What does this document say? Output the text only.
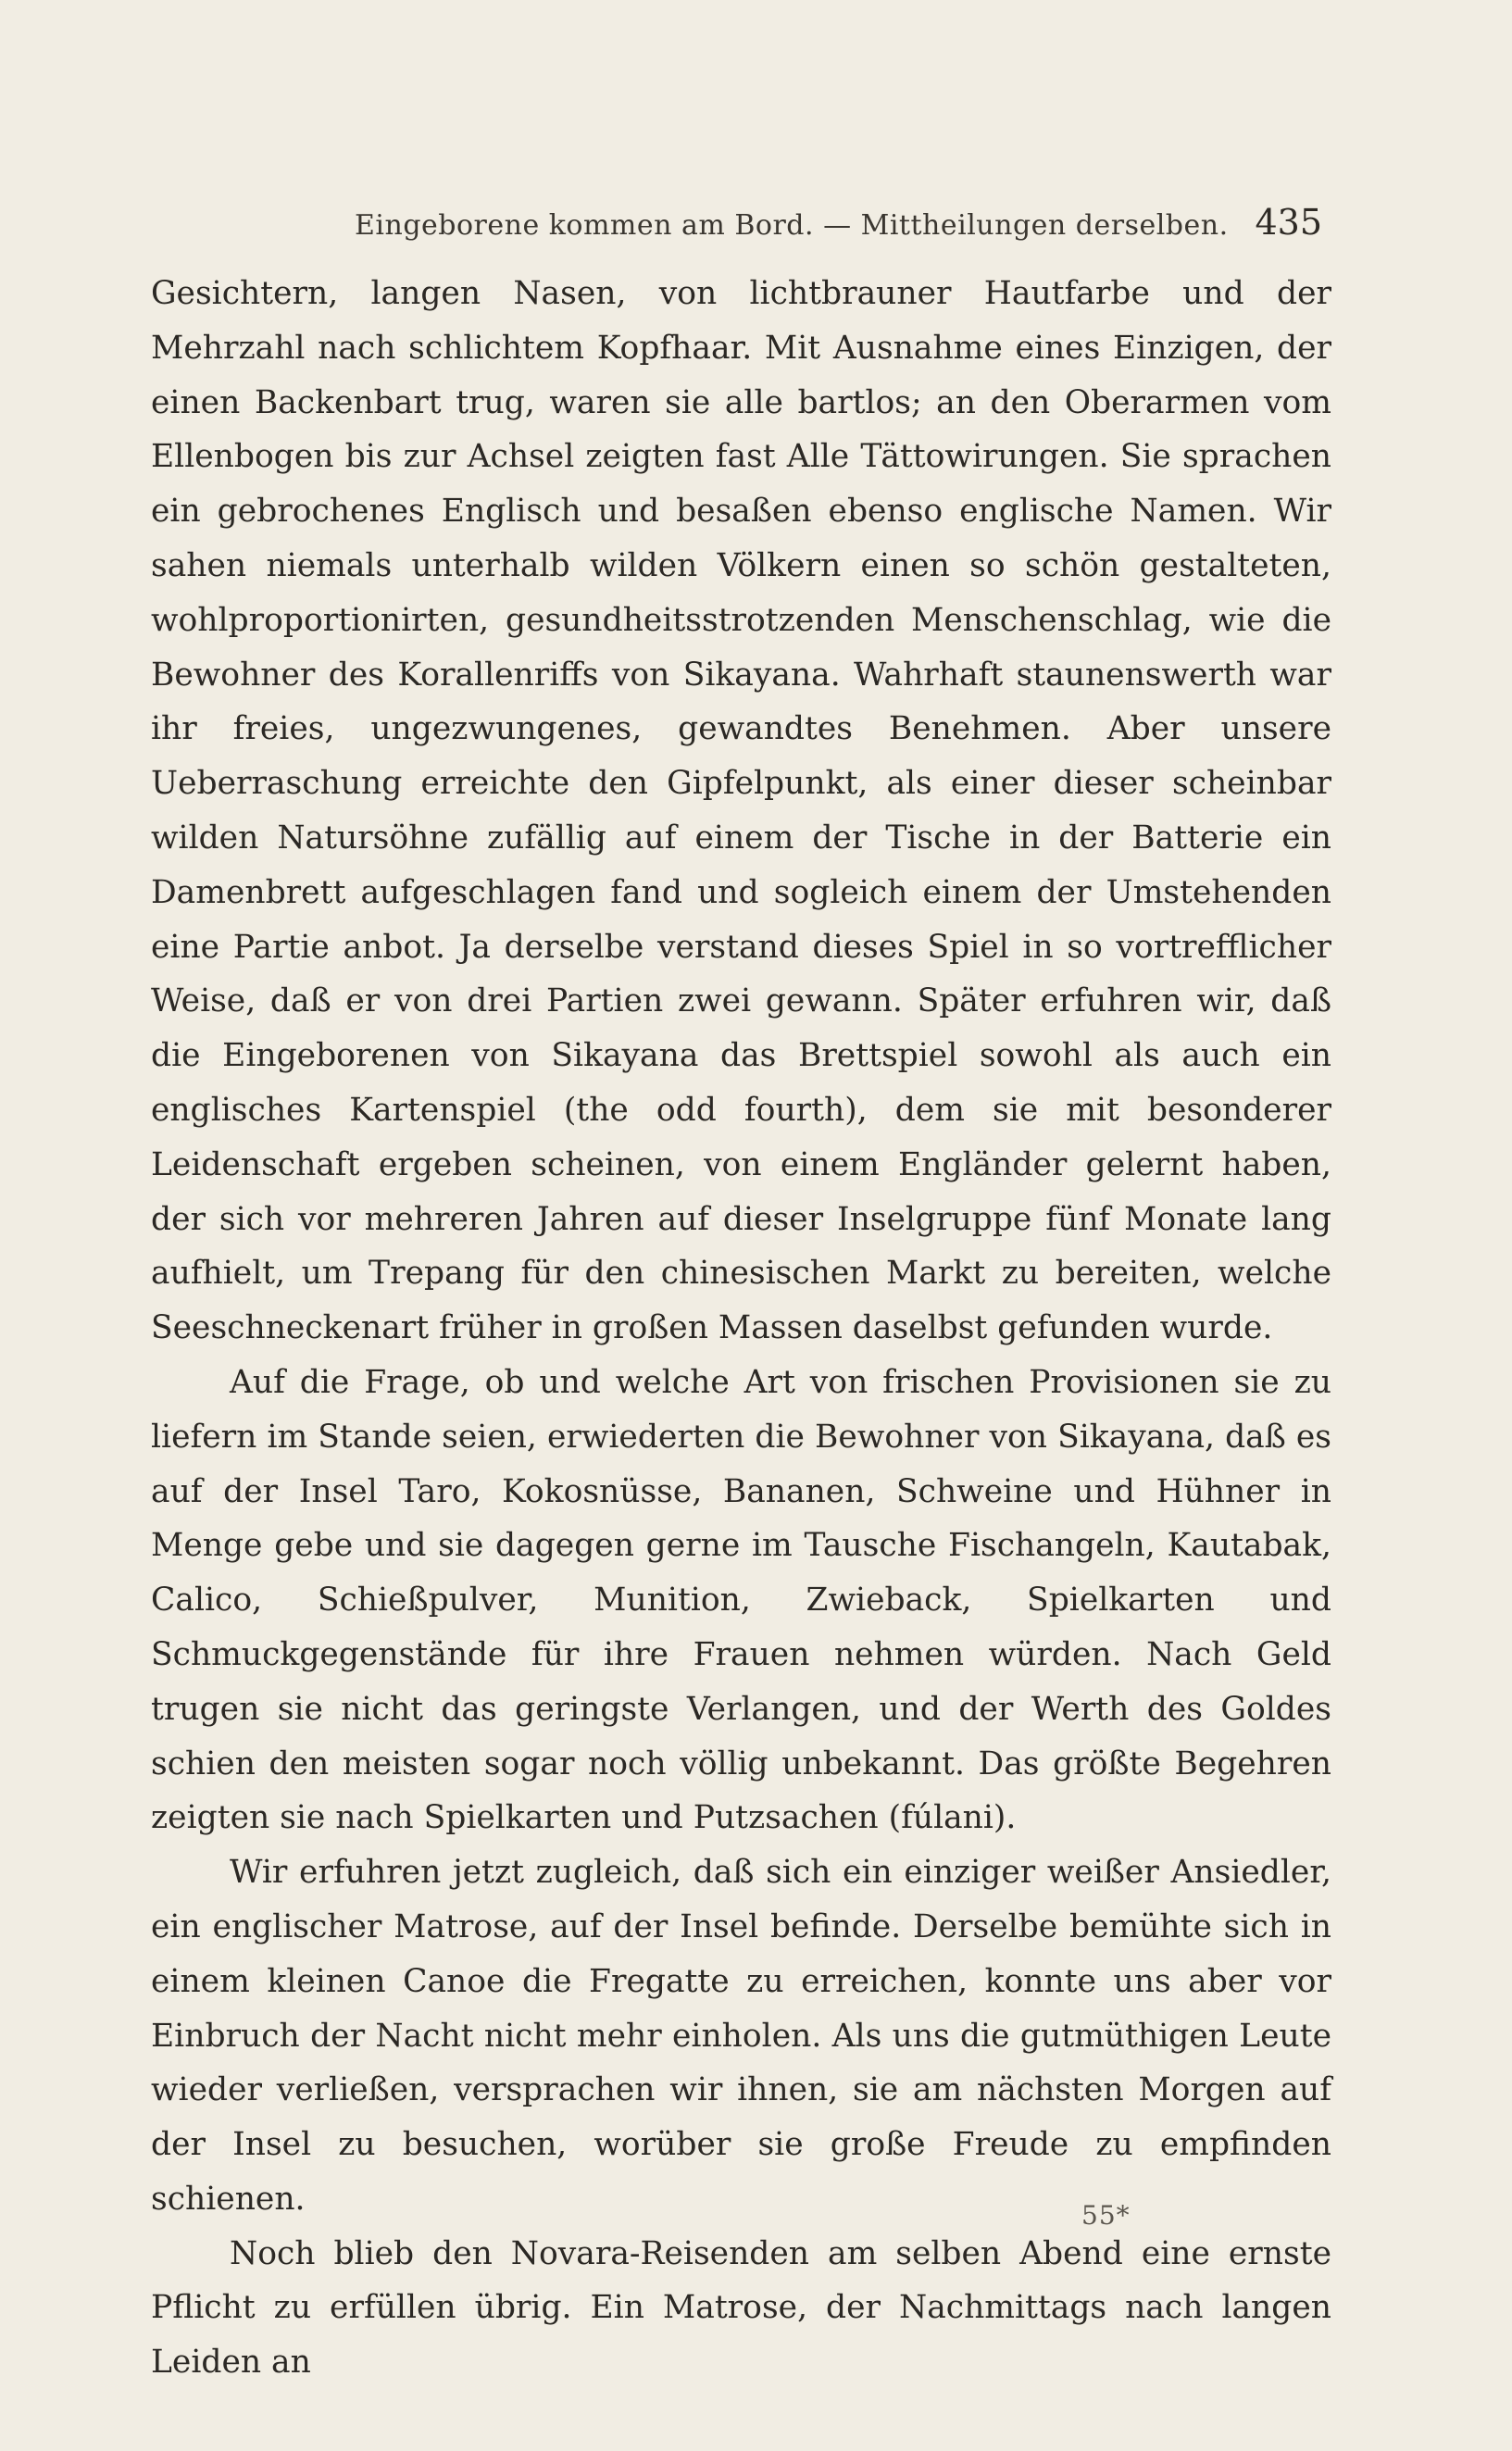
Eingeborene kommen am Bord. — Mittheilungen derselben. 435

Gesichtern, langen Nasen, von lichtbrauner Hautfarbe und der Mehrzahl nach schlichtem Kopfhaar. Mit Ausnahme eines Einzigen, der einen Backenbart trug, waren sie alle bartlos; an den Oberarmen vom Ellenbogen bis zur Achsel zeigten fast Alle Tättowirungen. Sie sprachen ein gebrochenes Englisch und besaßen ebenso englische Namen. Wir sahen niemals unterhalb wilden Völkern einen so schön gestalteten, wohlproportionirten, gesundheitsstrotzenden Menschenschlag, wie die Bewohner des Korallenriffs von Sikayana. Wahrhaft staunenswerth war ihr freies, ungezwungenes, gewandtes Benehmen. Aber unsere Ueberraschung erreichte den Gipfelpunkt, als einer dieser scheinbar wilden Natursöhne zufällig auf einem der Tische in der Batterie ein Damenbrett aufgeschlagen fand und sogleich einem der Umstehenden eine Partie anbot. Ja derselbe verstand dieses Spiel in so vortrefflicher Weise, daß er von drei Partien zwei gewann. Später erfuhren wir, daß die Eingeborenen von Sikayana das Brettspiel sowohl als auch ein englisches Kartenspiel (the odd fourth), dem sie mit besonderer Leidenschaft ergeben scheinen, von einem Engländer gelernt haben, der sich vor mehreren Jahren auf dieser Inselgruppe fünf Monate lang aufhielt, um Trepang für den chinesischen Markt zu bereiten, welche Seeschneckenart früher in großen Massen daselbst gefunden wurde.

Auf die Frage, ob und welche Art von frischen Provisionen sie zu liefern im Stande seien, erwiederten die Bewohner von Sikayana, daß es auf der Insel Taro, Kokosnüsse, Bananen, Schweine und Hühner in Menge gebe und sie dagegen gerne im Tausche Fischangeln, Kautabak, Calico, Schießpulver, Munition, Zwieback, Spielkarten und Schmuckgegenstände für ihre Frauen nehmen würden. Nach Geld trugen sie nicht das geringste Verlangen, und der Werth des Goldes schien den meisten sogar noch völlig unbekannt. Das größte Begehren zeigten sie nach Spielkarten und Putzsachen (fúlani).

Wir erfuhren jetzt zugleich, daß sich ein einziger weißer Ansiedler, ein englischer Matrose, auf der Insel befinde. Derselbe bemühte sich in einem kleinen Canoe die Fregatte zu erreichen, konnte uns aber vor Einbruch der Nacht nicht mehr einholen. Als uns die gutmüthigen Leute wieder verließen, versprachen wir ihnen, sie am nächsten Morgen auf der Insel zu besuchen, worüber sie große Freude zu empfinden schienen.

Noch blieb den Novara-Reisenden am selben Abend eine ernste Pflicht zu erfüllen übrig. Ein Matrose, der Nachmittags nach langen Leiden an

55*
